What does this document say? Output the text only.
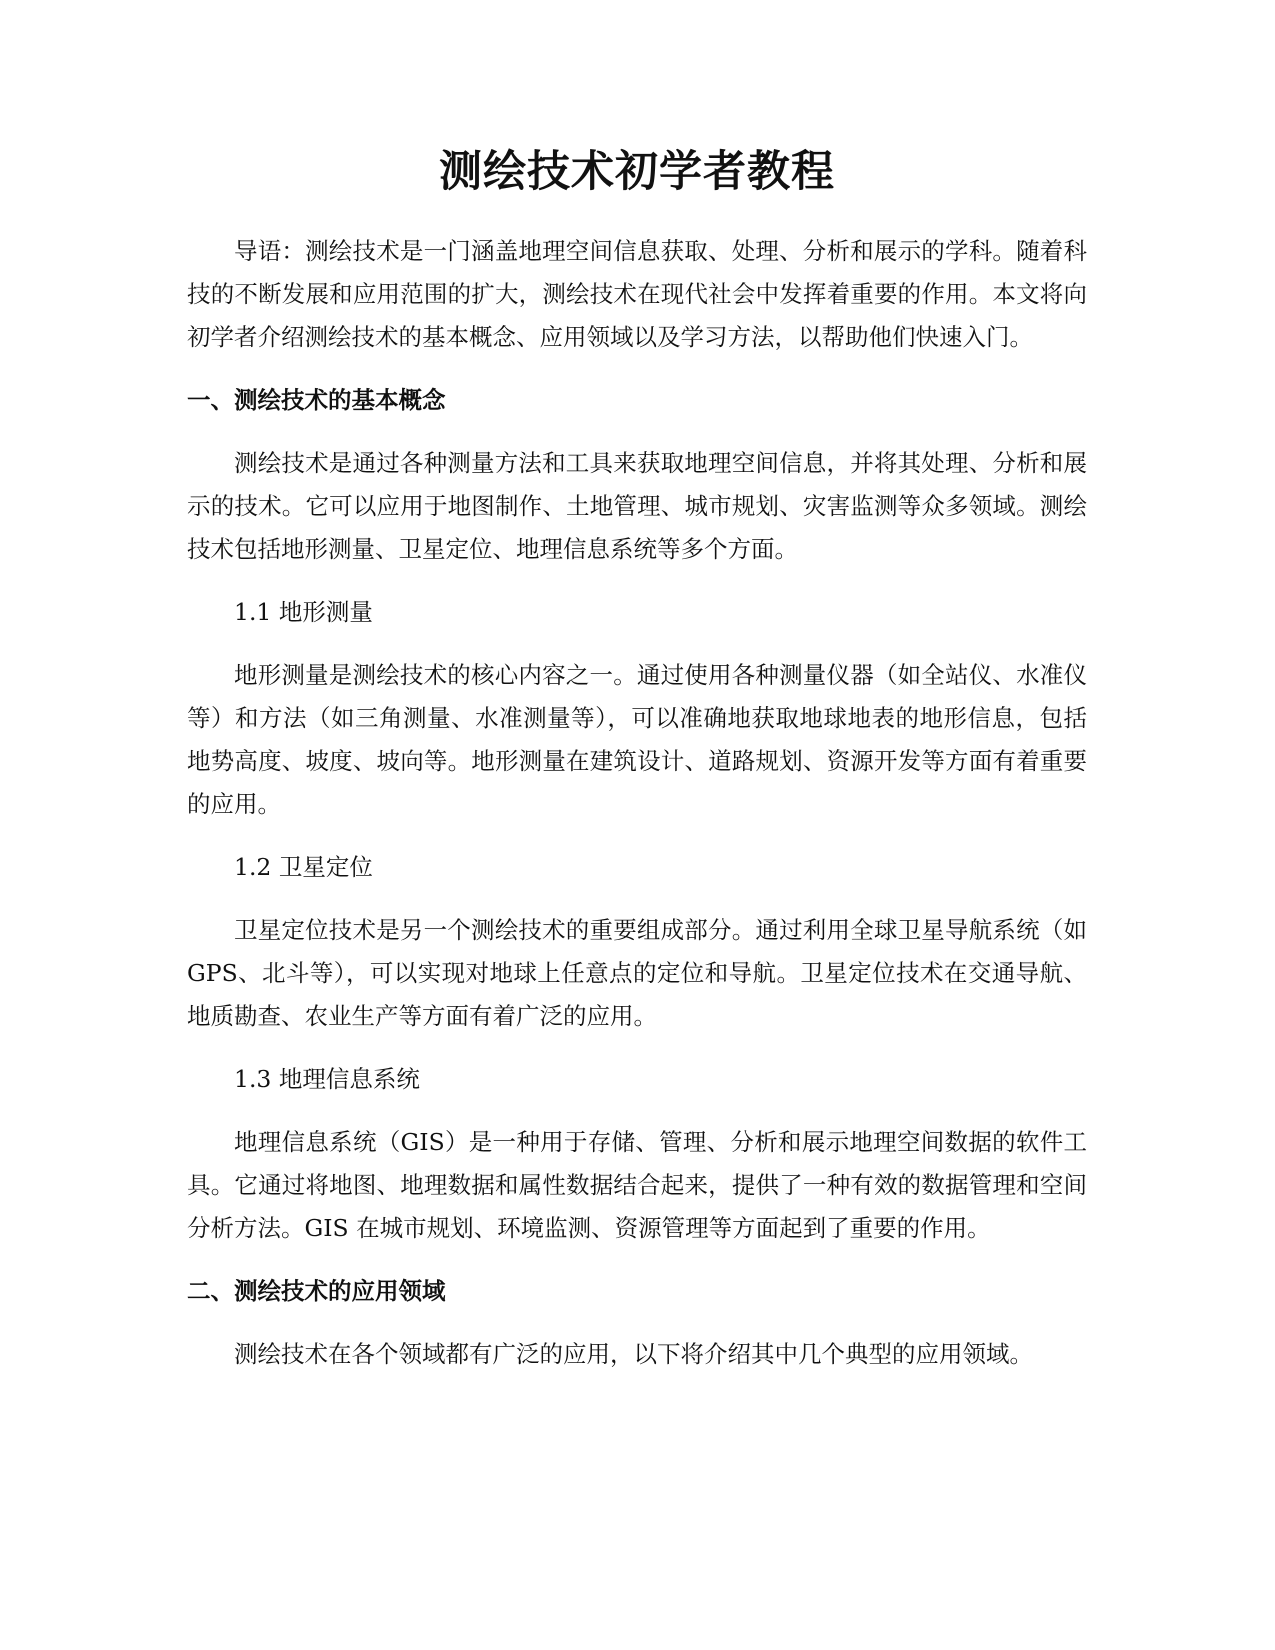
测绘技术初学者教程

导语：测绘技术是一门涵盖地理空间信息获取、处理、分析和展示的学科。随着科技的不断发展和应用范围的扩大，测绘技术在现代社会中发挥着重要的作用。本文将向初学者介绍测绘技术的基本概念、应用领域以及学习方法，以帮助他们快速入门。

一、测绘技术的基本概念

测绘技术是通过各种测量方法和工具来获取地理空间信息，并将其处理、分析和展示的技术。它可以应用于地图制作、土地管理、城市规划、灾害监测等众多领域。测绘技术包括地形测量、卫星定位、地理信息系统等多个方面。

1.1 地形测量

地形测量是测绘技术的核心内容之一。通过使用各种测量仪器（如全站仪、水准仪等）和方法（如三角测量、水准测量等），可以准确地获取地球地表的地形信息，包括地势高度、坡度、坡向等。地形测量在建筑设计、道路规划、资源开发等方面有着重要的应用。

1.2 卫星定位

卫星定位技术是另一个测绘技术的重要组成部分。通过利用全球卫星导航系统（如 GPS、北斗等），可以实现对地球上任意点的定位和导航。卫星定位技术在交通导航、地质勘查、农业生产等方面有着广泛的应用。

1.3 地理信息系统

地理信息系统（GIS）是一种用于存储、管理、分析和展示地理空间数据的软件工具。它通过将地图、地理数据和属性数据结合起来，提供了一种有效的数据管理和空间分析方法。GIS 在城市规划、环境监测、资源管理等方面起到了重要的作用。

二、测绘技术的应用领域

测绘技术在各个领域都有广泛的应用，以下将介绍其中几个典型的应用领域。
